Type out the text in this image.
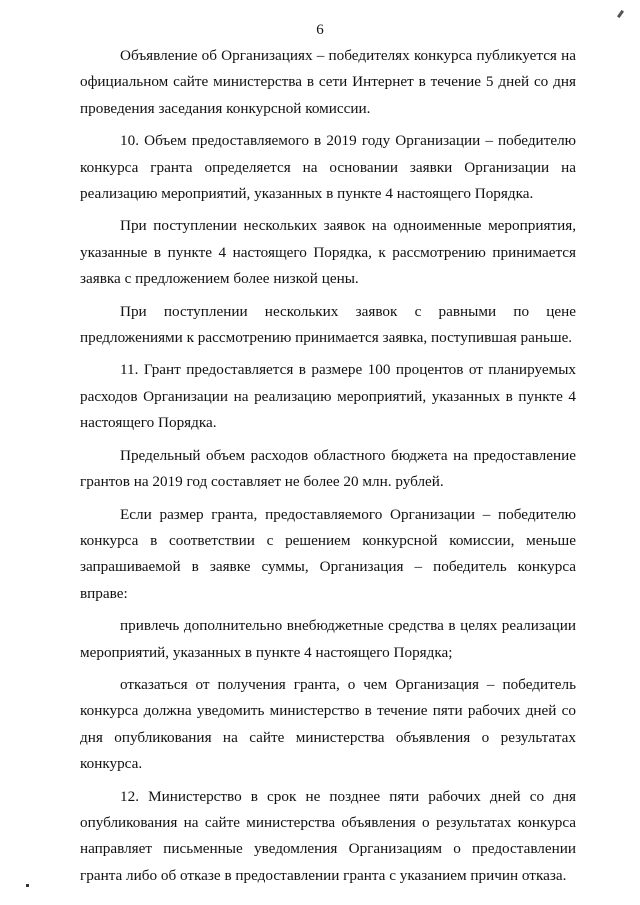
6

Объявление об Организациях – победителях конкурса публикуется на официальном сайте министерства в сети Интернет в течение 5 дней со дня проведения заседания конкурсной комиссии.

10. Объем предоставляемого в 2019 году Организации – победителю конкурса гранта определяется на основании заявки Организации на реализацию мероприятий, указанных в пункте 4 настоящего Порядка.

При поступлении нескольких заявок на одноименные мероприятия, указанные в пункте 4 настоящего Порядка, к рассмотрению принимается заявка с предложением более низкой цены.

При поступлении нескольких заявок с равными по цене предложениями к рассмотрению принимается заявка, поступившая раньше.

11. Грант предоставляется в размере 100 процентов от планируемых расходов Организации на реализацию мероприятий, указанных в пункте 4 настоящего Порядка.

Предельный объем расходов областного бюджета на предоставление грантов на 2019 год составляет не более 20 млн. рублей.

Если размер гранта, предоставляемого Организации – победителю конкурса в соответствии с решением конкурсной комиссии, меньше запрашиваемой в заявке суммы, Организация – победитель конкурса вправе:

привлечь дополнительно внебюджетные средства в целях реализации мероприятий, указанных в пункте 4 настоящего Порядка;

отказаться от получения гранта, о чем Организация – победитель конкурса должна уведомить министерство в течение пяти рабочих дней со дня опубликования на сайте министерства объявления о результатах конкурса.

12. Министерство в срок не позднее пяти рабочих дней со дня опубликования на сайте министерства объявления о результатах конкурса направляет письменные уведомления Организациям о предоставлении гранта либо об отказе в предоставлении гранта с указанием причин отказа.
